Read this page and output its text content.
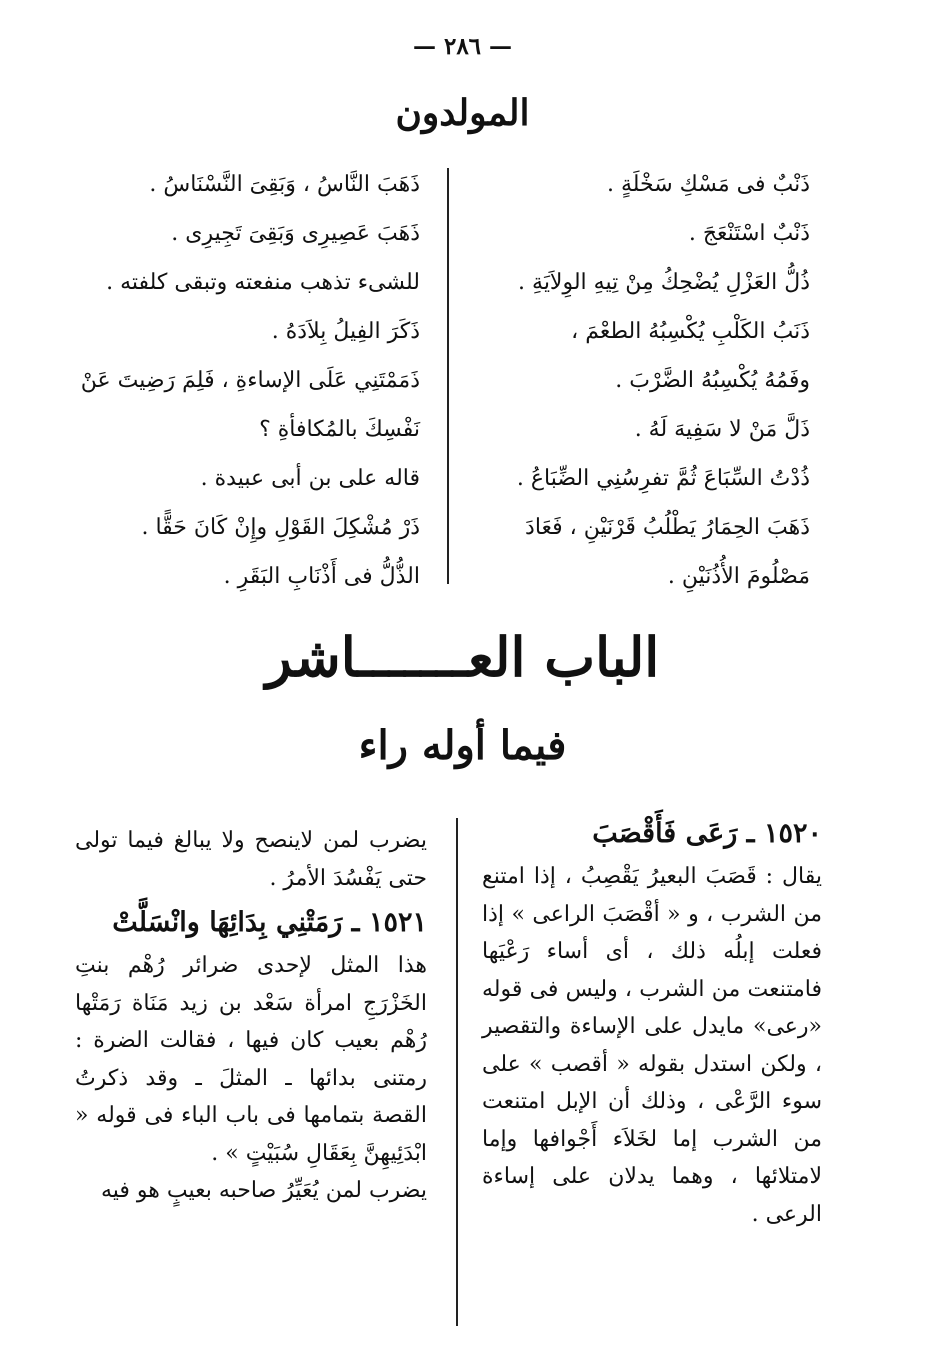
— ٢٨٦ —
المولدون
ذَنْبٌ فى مَسْكِ سَخْلَةٍ .
ذَنْبٌ اسْتَنْعَجَ .
ذُلُّ العَزْلِ يُضْحِكُ مِنْ تِيهِ الوِلاَيَةِ .
ذَنَبُ الكَلْبِ يُكْسِبُهُ الطعْمَ ،
وفَمُهُ يُكْسِبُهُ الضَّرْبَ .
ذَلَّ مَنْ لا سَفِيهَ لَهُ .
ذُدْتُ السِّبَاعَ ثُمَّ تفرِسُنِي الضِّبَاعُ .
ذَهَبَ الحِمَارُ يَطْلُبُ قَرْنَيْنِ ، فَعَادَ
مَصْلُومَ الأُذُنَيْنِ .
ذَهَبَ النَّاسُ ، وَبَقِىَ النَّسْنَاسُ .
ذَهَبَ عَصِيرِى وَبَقِىَ تَجِيرِى .
للشىء تذهب منفعته وتبقى كلفته .
ذَكَرَ الفِيلُ بِلاَدَهُ .
ذَمَمْتَنِي عَلَى الإساءةِ ، فَلِمَ رَضِيتَ عَنْ
نَفْسِكَ بالمُكافأةِ ؟
قاله على بن أبى عبيدة .
ذَرْ مُشْكِلَ القَوْلِ وإِنْ كَانَ حَقًّا .
الذُّلُّ فى أَذْنَابِ البَقَرِ .
الباب العـــــــاشر
فيما أوله راء
١٥٢٠ ـ رَعَى فَأَقْصَبَ

يقال : قَصَبَ البعيرُ يَقْصِبُ ، إذا امتنع من الشرب ، و « أقْصَبَ الراعى » إذا فعلت إبلُه ذلك ، أى أساء رَعْيَها فامتنعت من الشرب ، وليس فى قوله «رعى» مايدل على الإساءة والتقصير ، ولكن استدل بقوله « أقصب » على سوء الرَّعْى ، وذلك أن الإبل امتنعت من الشرب إما لخَلاَء أَجْوافها وإما لامتلائها ، وهما يدلان على إساءة الرعى .

يضرب لمن لاينصح ولا يبالغ فيما تولى حتى يَفْسُدَ الأمرُ .

١٥٢١ ـ رَمَتْنِي بِدَائِهَا وانْسَلَّتْ

هذا المثل لإحدى ضرائر رُهْم بنتِ الخَزْرَجِ امرأة سَعْد بن زيد مَنَاة رَمَتْها رُهْم بعيب كان فيها ، فقالت الضرة : رمتنى بدائها ـ المثلَ ـ وقد ذكرتُ القصة بتمامها فى باب الباء فى قوله « ابْدَئِيهِنَّ بِعَقَالِ سُبَيْتٍ » .

يضرب لمن يُعَيِّرُ صاحبه بعيبٍ هو فيه
